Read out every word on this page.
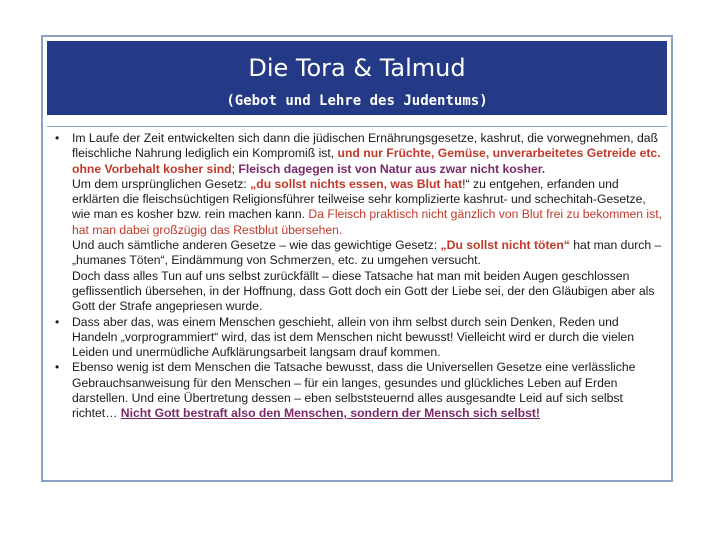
Die Tora & Talmud
(Gebot und Lehre des Judentums)
• Im Laufe der Zeit entwickelten sich dann die jüdischen Ernährungsgesetze, kashrut, die vorwegnehmen, daß fleischliche Nahrung lediglich ein Kompromiß ist, und nur Früchte, Gemüse, unverarbeitetes Getreide etc. ohne Vorbehalt kosher sind; Fleisch dagegen ist von Natur aus zwar nicht kosher.
Um dem ursprünglichen Gesetz: „du sollst nichts essen, was Blut hat!“ zu entgehen, erfanden und erklärten die fleischsüchtigen Religionsführer teilweise sehr komplizierte kashrut- und schechitah-Gesetze, wie man es kosher bzw. rein machen kann. Da Fleisch praktisch nicht gänzlich von Blut frei zu bekommen ist, hat man dabei großzügig das Restblut übersehen.
Und auch sämtliche anderen Gesetze – wie das gewichtige Gesetz: „Du sollst nicht töten“ hat man durch – „humanes Töten“, Eindämmung von Schmerzen, etc. zu umgehen versucht.
Doch dass alles Tun auf uns selbst zurückfällt – diese Tatsache hat man mit beiden Augen geschlossen geflissentlich übersehen, in der Hoffnung, dass Gott doch ein Gott der Liebe sei, der den Gläubigen aber als Gott der Strafe angepriesen wurde.
• Dass aber das, was einem Menschen geschieht, allein von ihm selbst durch sein Denken, Reden und Handeln „vorprogrammiert“ wird, das ist dem Menschen nicht bewusst! Vielleicht wird er durch die vielen Leiden und unermüdliche Aufklärungsarbeit langsam drauf kommen.
• Ebenso wenig ist dem Menschen die Tatsache bewusst, dass die Universellen Gesetze eine verlässliche Gebrauchsanweisung für den Menschen – für ein langes, gesundes und glückliches Leben auf Erden darstellen. Und eine Übertretung dessen – eben selbststeuernd alles ausgesandte Leid auf sich selbst richtet… Nicht Gott bestraft also den Menschen, sondern der Mensch sich selbst!
